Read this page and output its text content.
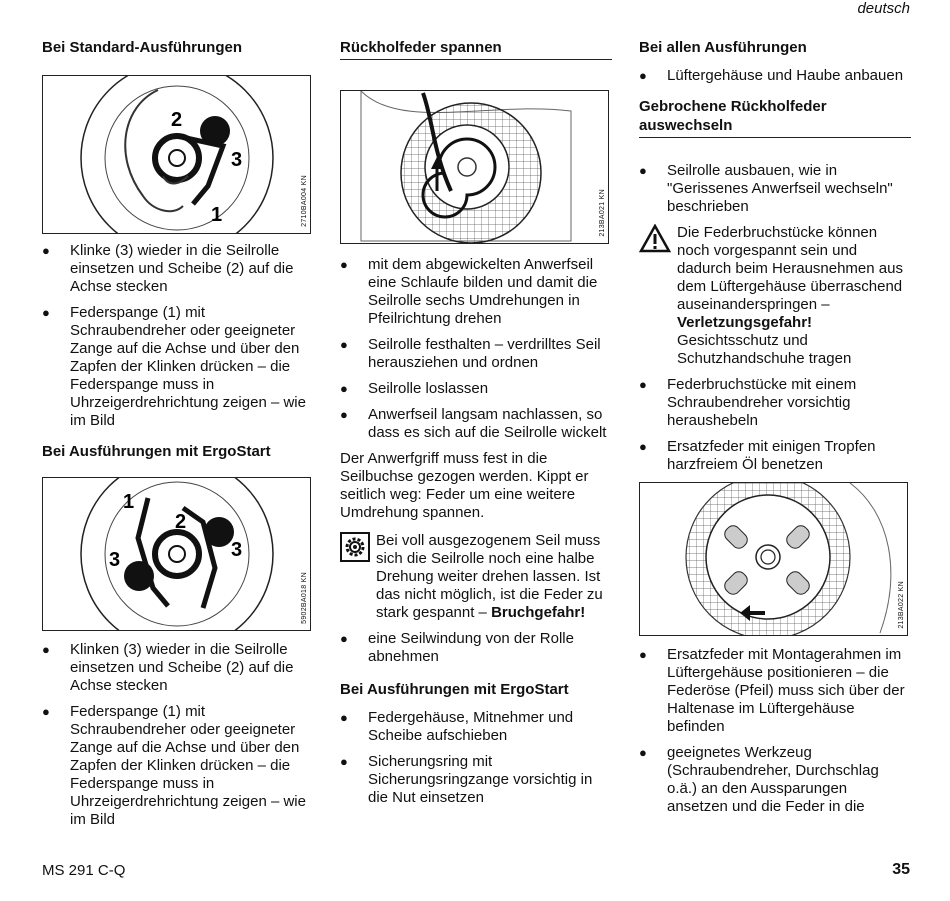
deutsch
Bei Standard-Ausführungen
2
3
1	2710BA004 KN
● Klinke (3) wieder in die Seilrolle einsetzen und Scheibe (2) auf die Achse stecken
● Federspange (1) mit Schraubendreher oder geeigneter Zange auf die Achse und über den Zapfen der Klinken drücken – die Federspange muss in Uhrzeigerdrehrichtung zeigen – wie im Bild
Bei Ausführungen mit ErgoStart
1
2
3	3
5902BA018 KN
● Klinken (3) wieder in die Seilrolle einsetzen und Scheibe (2) auf die Achse stecken
● Federspange (1) mit Schraubendreher oder geeigneter Zange auf die Achse und über den Zapfen der Klinken drücken – die Federspange muss in Uhrzeigerdrehrichtung zeigen – wie im Bild
Rückholfeder spannen
213BA021 KN
● mit dem abgewickelten Anwerfseil eine Schlaufe bilden und damit die Seilrolle sechs Umdrehungen in Pfeilrichtung drehen
● Seilrolle festhalten – verdrilltes Seil herausziehen und ordnen
● Seilrolle loslassen
● Anwerfseil langsam nachlassen, so dass es sich auf die Seilrolle wickelt

Der Anwerfgriff muss fest in die Seilbuchse gezogen werden. Kippt er seitlich weg: Feder um eine weitere Umdrehung spannen.

Bei voll ausgezogenem Seil muss sich die Seilrolle noch eine halbe Drehung weiter drehen lassen. Ist das nicht möglich, ist die Feder zu stark gespannt – Bruchgefahr!
● eine Seilwindung von der Rolle abnehmen
Bei Ausführungen mit ErgoStart
● Federgehäuse, Mitnehmer und Scheibe aufschieben
● Sicherungsring mit Sicherungsringzange vorsichtig in die Nut einsetzen
Bei allen Ausführungen
● Lüftergehäuse und Haube anbauen
Gebrochene Rückholfeder auswechseln
● Seilrolle ausbauen, wie in "Gerissenes Anwerfseil wechseln" beschrieben
Die Federbruchstücke können noch vorgespannt sein und dadurch beim Herausnehmen aus dem Lüftergehäuse überraschend auseinanderspringen –
Verletzungsgefahr!
Gesichtsschutz und Schutzhandschuhe tragen
● Federbruchstücke mit einem Schraubendreher vorsichtig heraushebeln
● Ersatzfeder mit einigen Tropfen harzfreiem Öl benetzen
213BA022 KN
● Ersatzfeder mit Montagerahmen im Lüftergehäuse positionieren – die Federöse (Pfeil) muss sich über der Haltenase im Lüftergehäuse befinden
● geeignetes Werkzeug (Schraubendreher, Durchschlag o.ä.) an den Aussparungen ansetzen und die Feder in die
MS 291 C-Q	35
